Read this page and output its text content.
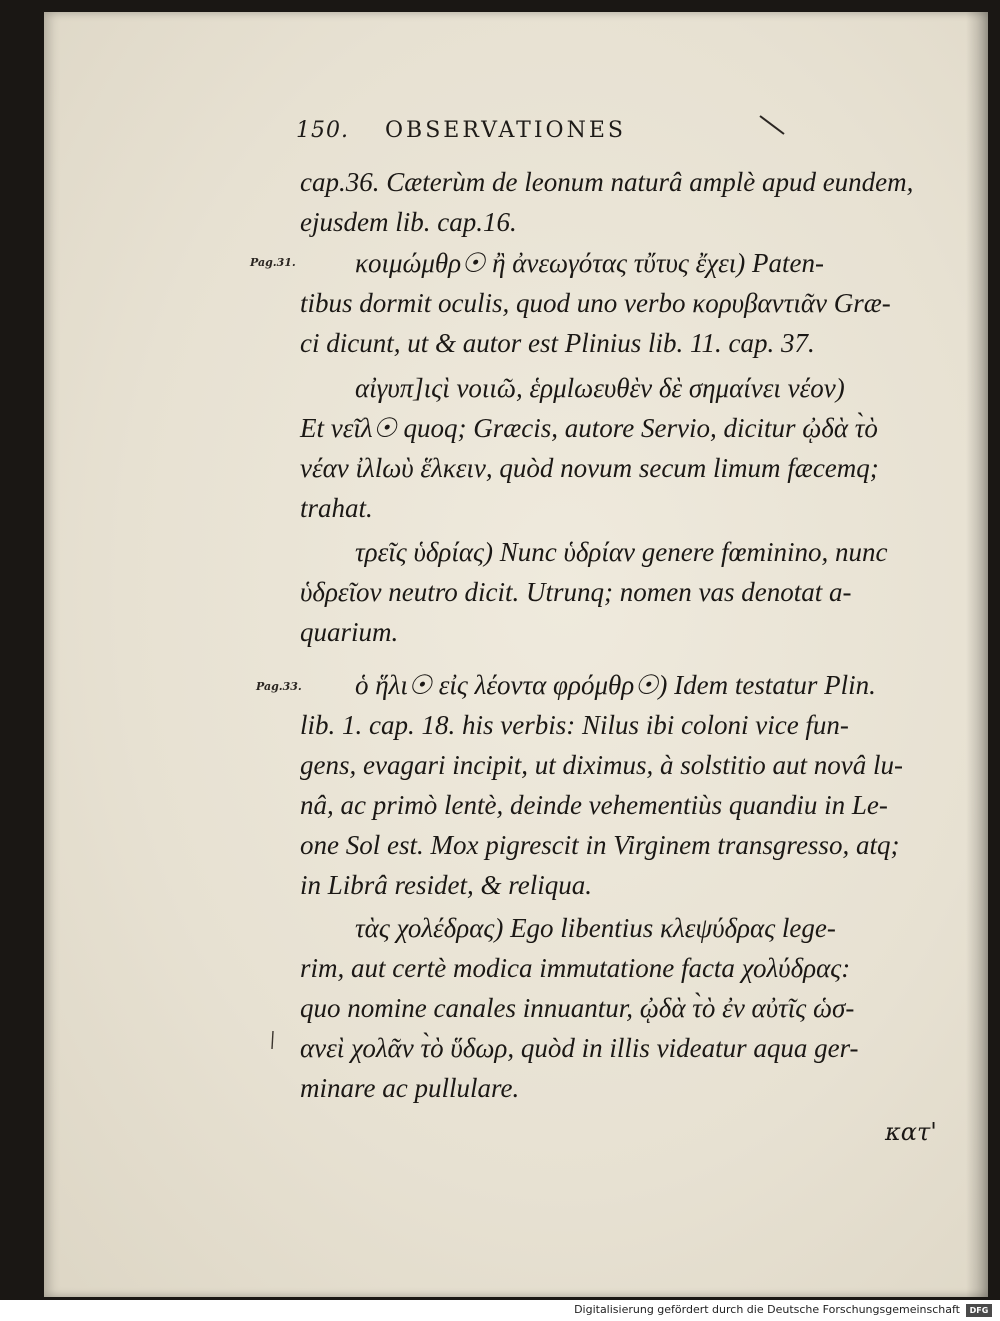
150. OBSERVATIONES
Pag.31.
Pag.33.
cap.36. Cæterùm de leonum naturâ amplè apud eundem,
ejusdem lib. cap.16.
κοιμώμθρ☉ ἢ ἀνεωγότας τὔτυς ἔχει) Paten-
tibus dormit oculis, quod uno verbo κορυβαντιᾶν Græ-
ci dicunt, ut & autor est Plinius lib. 11. cap. 37.
αἰγυπ]ιςὶ νοιιῶ, ἑρμlωευθὲν δὲ σημαίνει νέον)
Et νεῖλ☉ quoq; Græcis, autore Servio, dicitur ᾠδὰ τ̀ὸ
νέαν ἰλlωὺ ἕλκειν, quòd novum secum limum fæcemq;
trahat.
τρεῖς ὑδρίας) Nunc ὑδρίαν genere fœminino, nunc
ὑδρεῖον neutro dicit. Utrunq; nomen vas denotat a-
quarium.
ὁ ἥλι☉ εἰς λέοντα φρόμθρ☉) Idem testatur Plin.
lib. 1. cap. 18. his verbis: Nilus ibi coloni vice fun-
gens, evagari incipit, ut diximus, à solstitio aut novâ lu-
nâ, ac primò lentè, deinde vehementiùs quandiu in Le-
one Sol est. Mox pigrescit in Virginem transgresso, atq;
in Librâ residet, & reliqua.
τὰς χολέδρας) Ego libentius κλεψύδρας lege-
rim, aut certè modica immutatione facta χολύδρας:
quo nomine canales innuantur, ᾠδὰ τ̀ὸ ἐν αὐτῖς ὡσ-
ανεὶ χολᾶν τ̀ὸ ὕδωρ, quòd in illis videatur aqua ger-
minare ac pullulare.
κατ'
Digitalisierung gefördert durch die Deutsche Forschungsgemeinschaft	DFG
